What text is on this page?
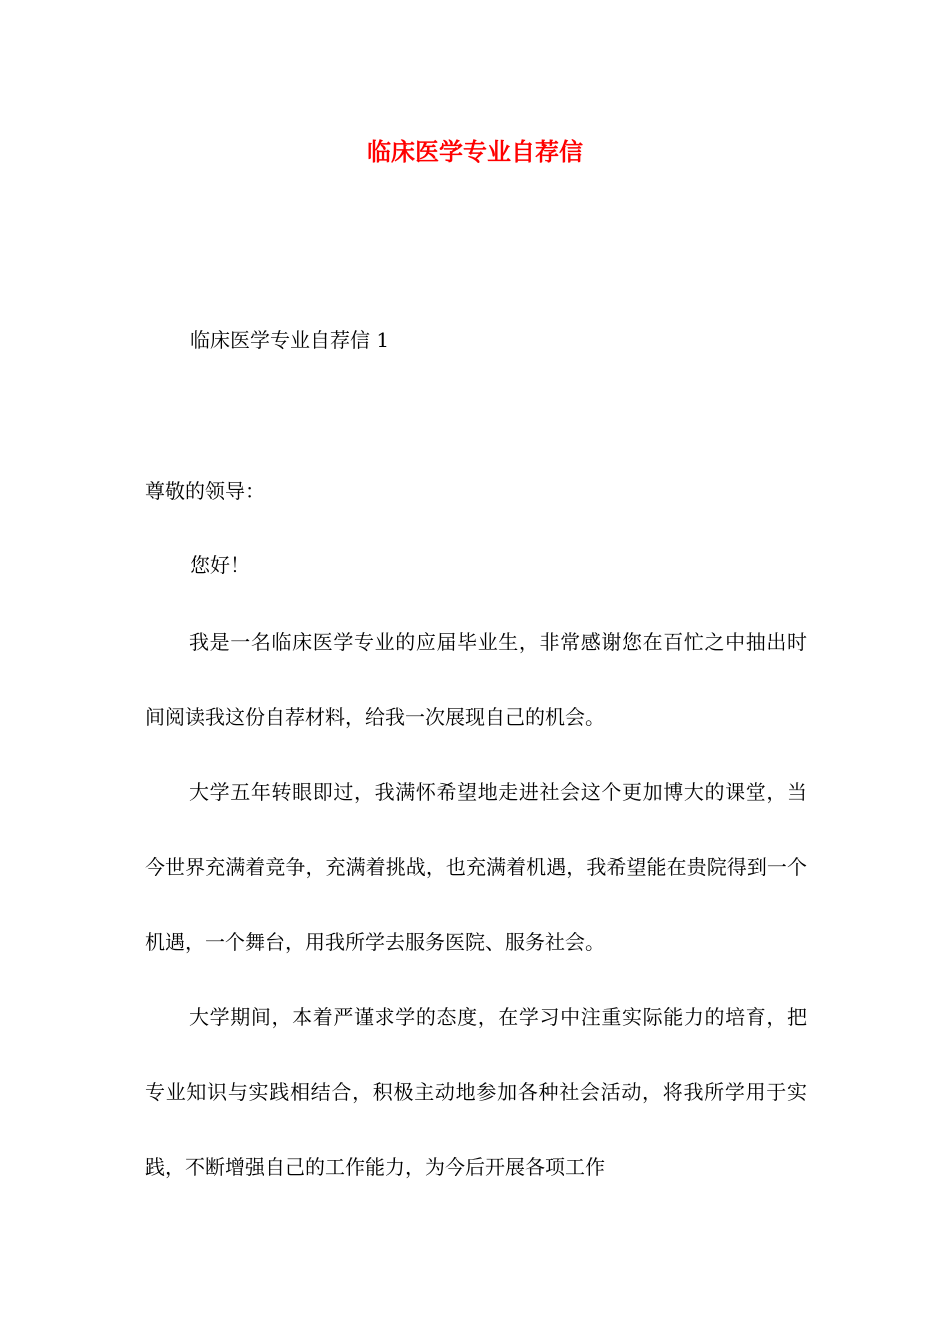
临床医学专业自荐信

临床医学专业自荐信 1

尊敬的领导：

您好！

我是一名临床医学专业的应届毕业生，非常感谢您在百忙之中抽出时间阅读我这份自荐材料，给我一次展现自己的机会。

大学五年转眼即过，我满怀希望地走进社会这个更加博大的课堂，当今世界充满着竞争，充满着挑战，也充满着机遇，我希望能在贵院得到一个机遇，一个舞台，用我所学去服务医院、服务社会。

大学期间，本着严谨求学的态度，在学习中注重实际能力的培育，把专业知识与实践相结合，积极主动地参加各种社会活动，将我所学用于实践，不断增强自己的工作能力，为今后开展各项工作
